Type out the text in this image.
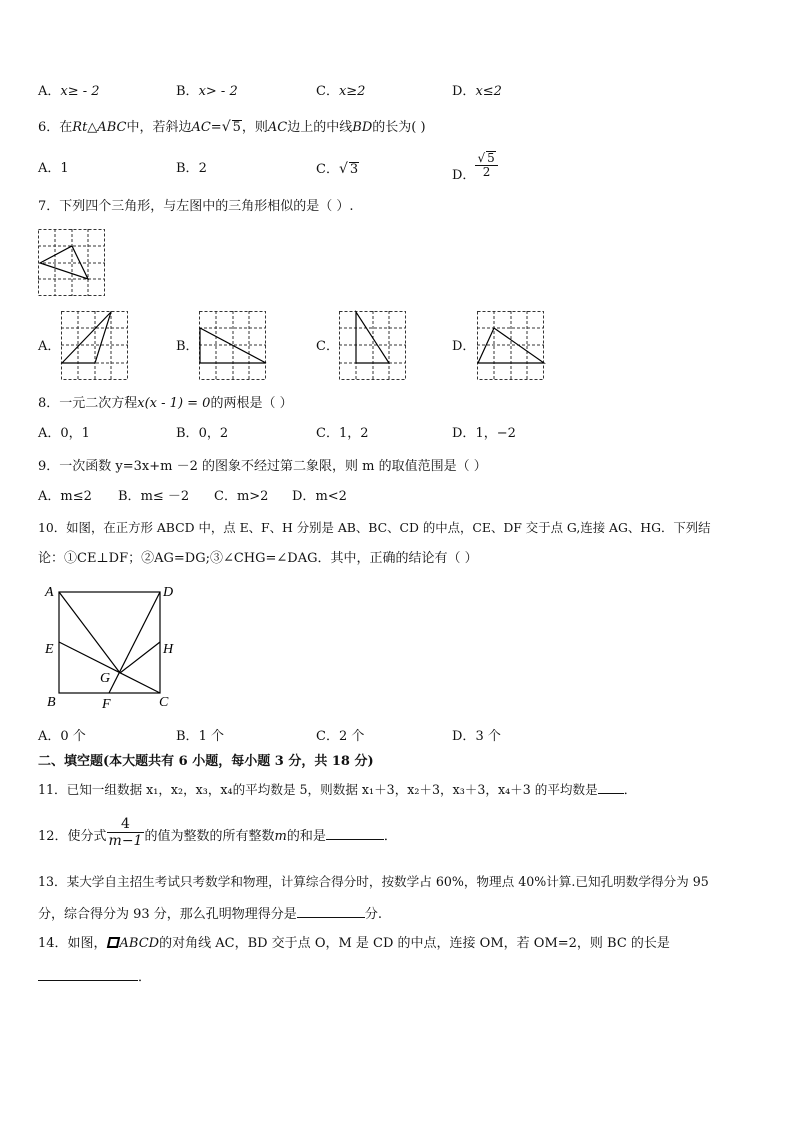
A．x≥ - 2	B．x> - 2	C．x≥2	D．x≤2
6．在Rt△ABC中，若斜边AC=√ 5，则AC边上的中线BD的长为( )
A．1	B．2	C．√ 3	D． $\frac{√ 5}{2}$
7．下列四个三角形，与左图中的三角形相似的是（ ）.
A．	B．	C．	D．
8．一元二次方程x(x - 1) = 0的两根是（ ）
A．0，1	B．0，2	C．1，2	D．1，−2
9．一次函数 y=3x+m －2 的图象不经过第二象限，则 m 的取值范围是（ ）
A．m≤2 B．m≤ －2 C．m>2 D．m<2
10．如图，在正方形 ABCD 中，点 E、F、H 分别是 AB、BC、CD 的中点，CE、DF 交于点 G,连接 AG、HG．下列结
论：①CE⊥DF；②AG=DG;③∠CHG=∠DAG．其中，正确的结论有（ ）
A	D
E	H
G
B	C
F
A．0 个	B．1 个	C．2 个	D．3 个
二、填空题(本大题共有 6 小题，每小题 3 分，共 18 分)
11．已知一组数据 x₁，x₂，x₃，x₄的平均数是 5，则数据 x₁＋3，x₂＋3，x₃＋3，x₄＋3 的平均数是 ．
12．使分式 $\frac{4}{m-1}$ 的值为整数的所有整数m的和是	．
13．某大学自主招生考试只考数学和物理，计算综合得分时，按数学占 60%，物理点 40%计算.已知孔明数学得分为 95
分，综合得分为 93 分，那么孔明物理得分是	分.
14．如图， ABCD的对角线 AC，BD 交于点 O，M 是 CD 的中点，连接 OM，若 OM=2，则 BC 的长是
．
